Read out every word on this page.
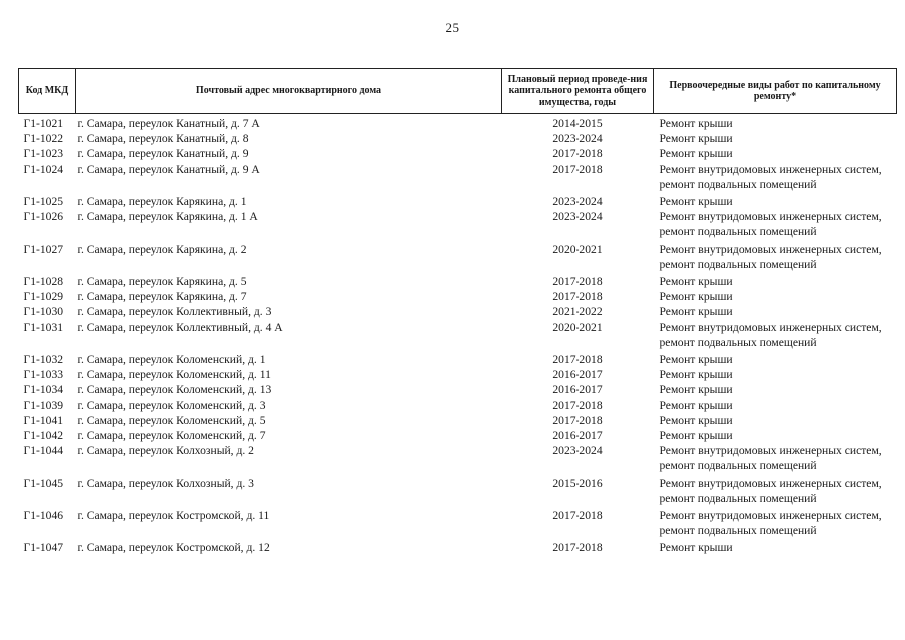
25
Код МКД	Почтовый адрес многоквартирного дома	Плановый период проведе-ния капитального ремонта общего имущества, годы	Первоочередные виды работ по капитальному ремонту*
Г1-1021	г. Самара, переулок Канатный, д. 7 А	2014-2015	Ремонт крыши
Г1-1022	г. Самара, переулок Канатный, д. 8	2023-2024	Ремонт крыши
Г1-1023	г. Самара, переулок Канатный, д. 9	2017-2018	Ремонт крыши
Г1-1024	г. Самара, переулок Канатный, д. 9 А	2017-2018	Ремонт внутридомовых инженерных систем, ремонт подвальных помещений
Г1-1025	г. Самара, переулок Карякина, д. 1	2023-2024	Ремонт крыши
Г1-1026	г. Самара, переулок Карякина, д. 1 А	2023-2024	Ремонт внутридомовых инженерных систем, ремонт подвальных помещений
Г1-1027	г. Самара, переулок Карякина, д. 2	2020-2021	Ремонт внутридомовых инженерных систем, ремонт подвальных помещений
Г1-1028	г. Самара, переулок Карякина, д. 5	2017-2018	Ремонт крыши
Г1-1029	г. Самара, переулок Карякина, д. 7	2017-2018	Ремонт крыши
Г1-1030	г. Самара, переулок Коллективный, д. 3	2021-2022	Ремонт крыши
Г1-1031	г. Самара, переулок Коллективный, д. 4 А	2020-2021	Ремонт внутридомовых инженерных систем, ремонт подвальных помещений
Г1-1032	г. Самара, переулок Коломенский, д. 1	2017-2018	Ремонт крыши
Г1-1033	г. Самара, переулок Коломенский, д. 11	2016-2017	Ремонт крыши
Г1-1034	г. Самара, переулок Коломенский, д. 13	2016-2017	Ремонт крыши
Г1-1039	г. Самара, переулок Коломенский, д. 3	2017-2018	Ремонт крыши
Г1-1041	г. Самара, переулок Коломенский, д. 5	2017-2018	Ремонт крыши
Г1-1042	г. Самара, переулок Коломенский, д. 7	2016-2017	Ремонт крыши
Г1-1044	г. Самара, переулок Колхозный, д. 2	2023-2024	Ремонт внутридомовых инженерных систем, ремонт подвальных помещений
Г1-1045	г. Самара, переулок Колхозный, д. 3	2015-2016	Ремонт внутридомовых инженерных систем, ремонт подвальных помещений
Г1-1046	г. Самара, переулок Костромской, д. 11	2017-2018	Ремонт внутридомовых инженерных систем, ремонт подвальных помещений
Г1-1047	г. Самара, переулок Костромской, д. 12	2017-2018	Ремонт крыши
